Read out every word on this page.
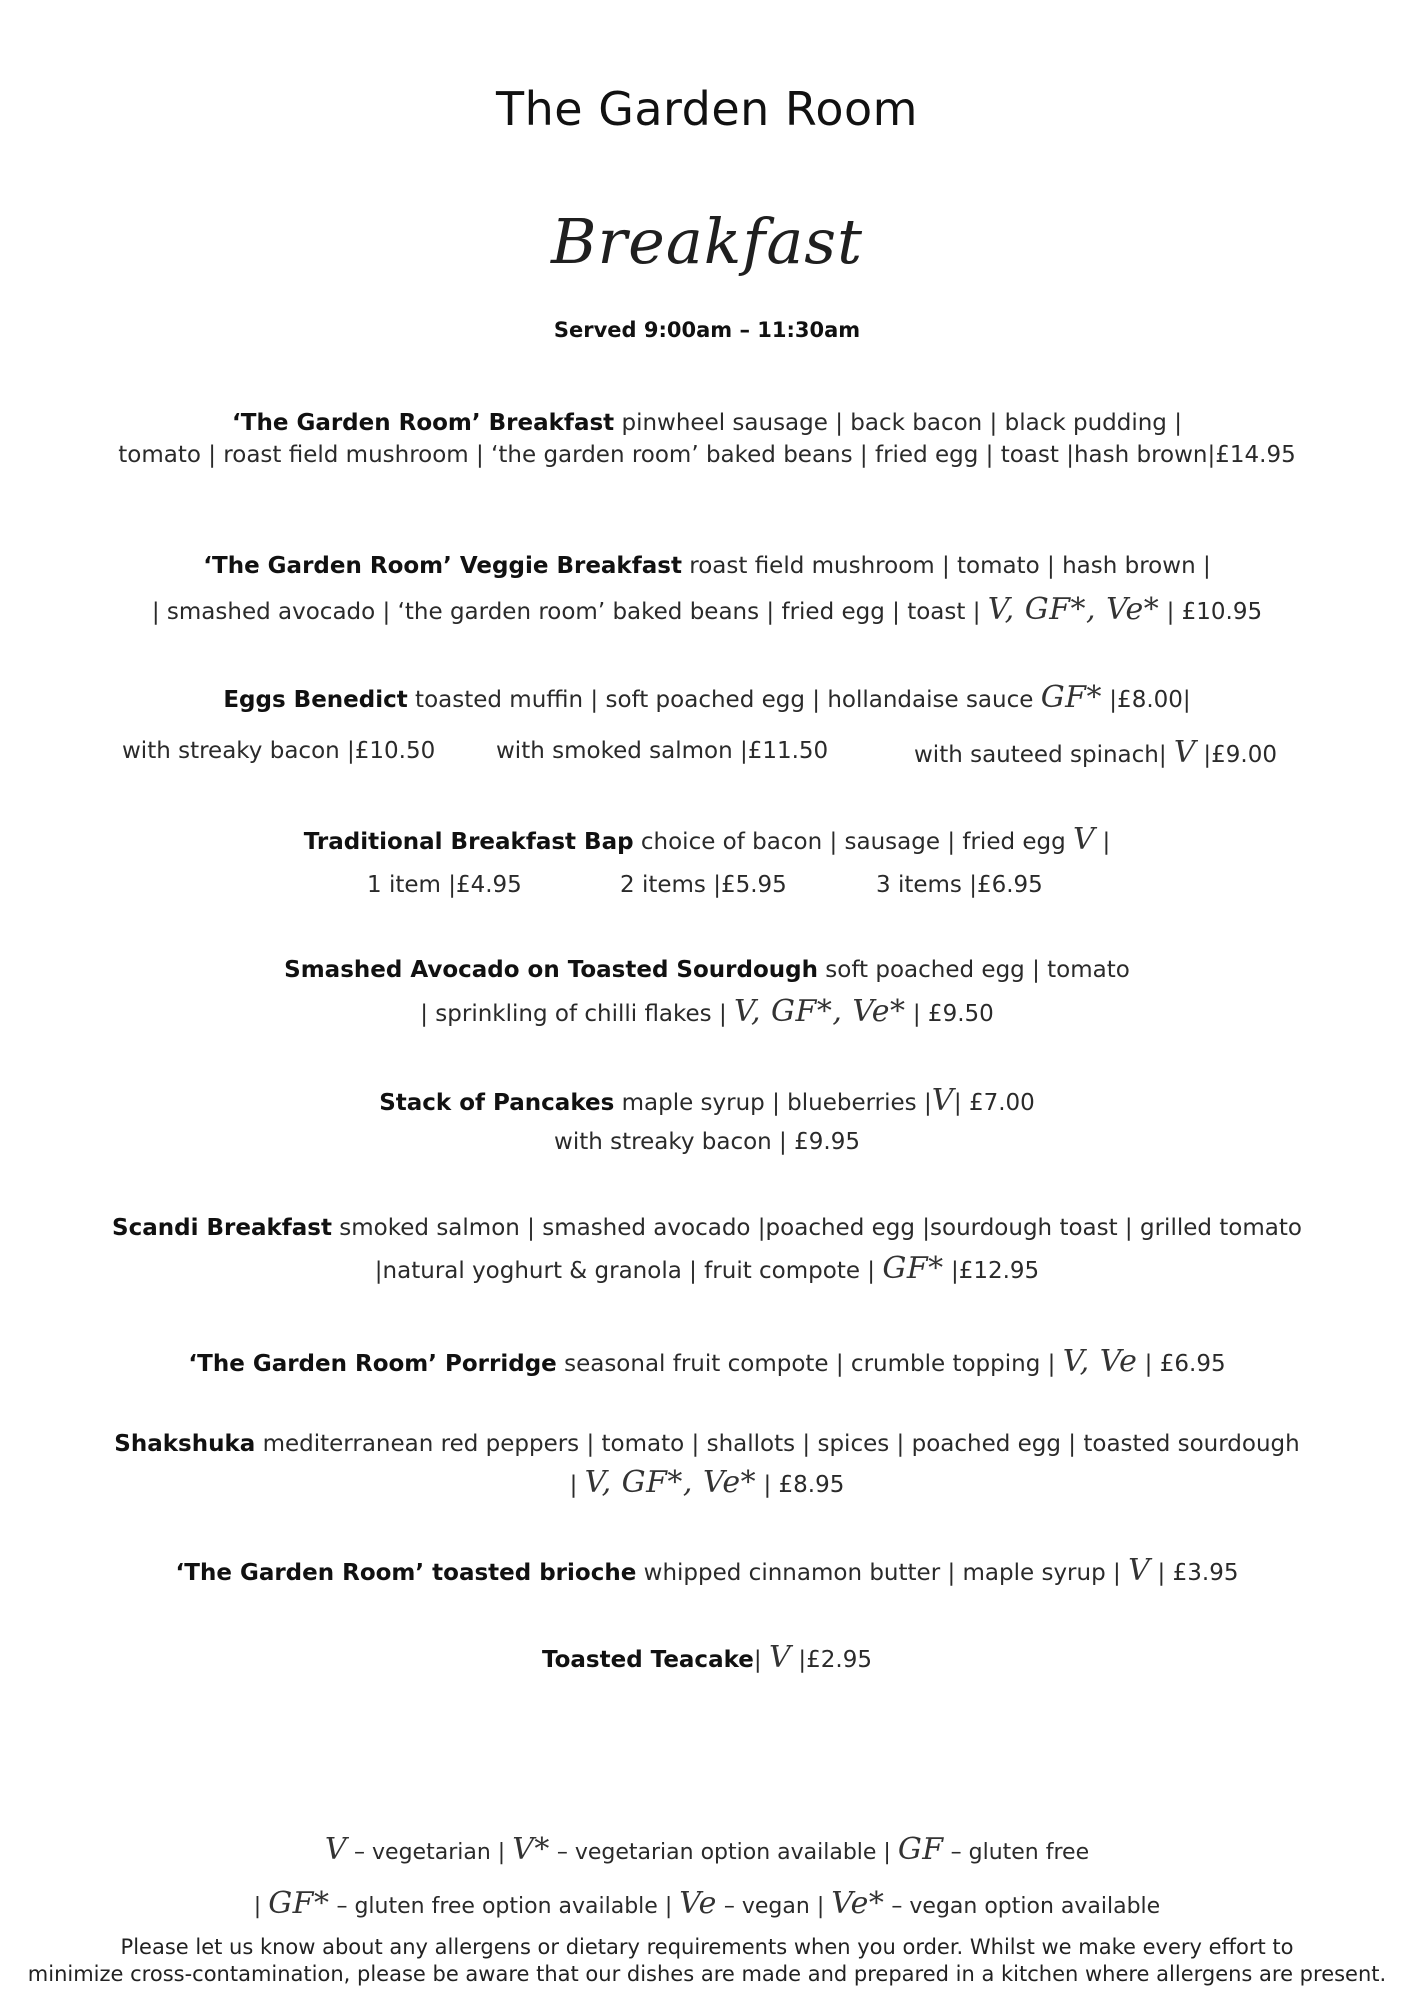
The Garden Room
Breakfast
Served 9:00am – 11:30am
‘The Garden Room’ Breakfast pinwheel sausage | back bacon | black pudding |
tomato | roast field mushroom | ‘the garden room’ baked beans | fried egg | toast |hash brown|£14.95
‘The Garden Room’ Veggie Breakfast roast field mushroom | tomato | hash brown |
| smashed avocado | ‘the garden room’ baked beans | fried egg | toast | V, GF*, Ve* | £10.95
Eggs Benedict toasted muffin | soft poached egg | hollandaise sauce GF* |£8.00|
with streaky bacon |£10.50	with smoked salmon |£11.50	with sauteed spinach| V |£9.00
Traditional Breakfast Bap choice of bacon | sausage | fried egg V |
1 item |£4.95	2 items |£5.95	3 items |£6.95
Smashed Avocado on Toasted Sourdough soft poached egg | tomato
| sprinkling of chilli flakes | V, GF*, Ve* | £9.50
Stack of Pancakes maple syrup | blueberries |V| £7.00
with streaky bacon | £9.95
Scandi Breakfast smoked salmon | smashed avocado |poached egg |sourdough toast | grilled tomato
|natural yoghurt & granola | fruit compote | GF* |£12.95
‘The Garden Room’ Porridge seasonal fruit compote | crumble topping | V, Ve | £6.95
Shakshuka mediterranean red peppers | tomato | shallots | spices | poached egg | toasted sourdough
| V, GF*, Ve* | £8.95
‘The Garden Room’ toasted brioche whipped cinnamon butter | maple syrup | V | £3.95
Toasted Teacake| V |£2.95
V – vegetarian | V* – vegetarian option available | GF – gluten free
| GF* – gluten free option available | Ve – vegan | Ve* – vegan option available
Please let us know about any allergens or dietary requirements when you order. Whilst we make every effort to
minimize cross-contamination, please be aware that our dishes are made and prepared in a kitchen where allergens are present.
